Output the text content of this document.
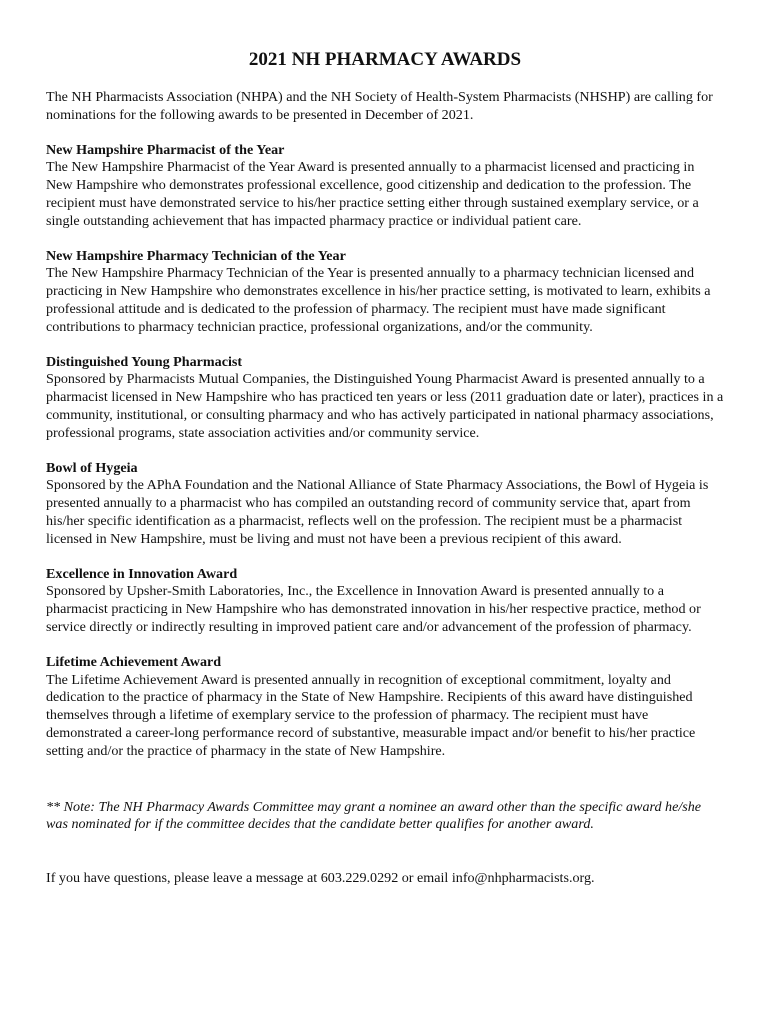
2021 NH PHARMACY AWARDS

The NH Pharmacists Association (NHPA) and the NH Society of Health-System Pharmacists (NHSHP) are calling for nominations for the following awards to be presented in December of 2021.

New Hampshire Pharmacist of the Year

The New Hampshire Pharmacist of the Year Award is presented annually to a pharmacist licensed and practicing in New Hampshire who demonstrates professional excellence, good citizenship and dedication to the profession. The recipient must have demonstrated service to his/her practice setting either through sustained exemplary service, or a single outstanding achievement that has impacted pharmacy practice or individual patient care.

New Hampshire Pharmacy Technician of the Year

The New Hampshire Pharmacy Technician of the Year is presented annually to a pharmacy technician licensed and practicing in New Hampshire who demonstrates excellence in his/her practice setting, is motivated to learn, exhibits a professional attitude and is dedicated to the profession of pharmacy. The recipient must have made significant contributions to pharmacy technician practice, professional organizations, and/or the community.

Distinguished Young Pharmacist

Sponsored by Pharmacists Mutual Companies, the Distinguished Young Pharmacist Award is presented annually to a pharmacist licensed in New Hampshire who has practiced ten years or less (2011 graduation date or later), practices in a community, institutional, or consulting pharmacy and who has actively participated in national pharmacy associations, professional programs, state association activities and/or community service.

Bowl of Hygeia

Sponsored by the APhA Foundation and the National Alliance of State Pharmacy Associations, the Bowl of Hygeia is presented annually to a pharmacist who has compiled an outstanding record of community service that, apart from his/her specific identification as a pharmacist, reflects well on the profession. The recipient must be a pharmacist licensed in New Hampshire, must be living and must not have been a previous recipient of this award.

Excellence in Innovation Award

Sponsored by Upsher-Smith Laboratories, Inc., the Excellence in Innovation Award is presented annually to a pharmacist practicing in New Hampshire who has demonstrated innovation in his/her respective practice, method or service directly or indirectly resulting in improved patient care and/or advancement of the profession of pharmacy.

Lifetime Achievement Award

The Lifetime Achievement Award is presented annually in recognition of exceptional commitment, loyalty and dedication to the practice of pharmacy in the State of New Hampshire. Recipients of this award have distinguished themselves through a lifetime of exemplary service to the profession of pharmacy. The recipient must have demonstrated a career-long performance record of substantive, measurable impact and/or benefit to his/her practice setting and/or the practice of pharmacy in the state of New Hampshire.

** Note: The NH Pharmacy Awards Committee may grant a nominee an award other than the specific award he/she was nominated for if the committee decides that the candidate better qualifies for another award.

If you have questions, please leave a message at 603.229.0292 or email info@nhpharmacists.org.
